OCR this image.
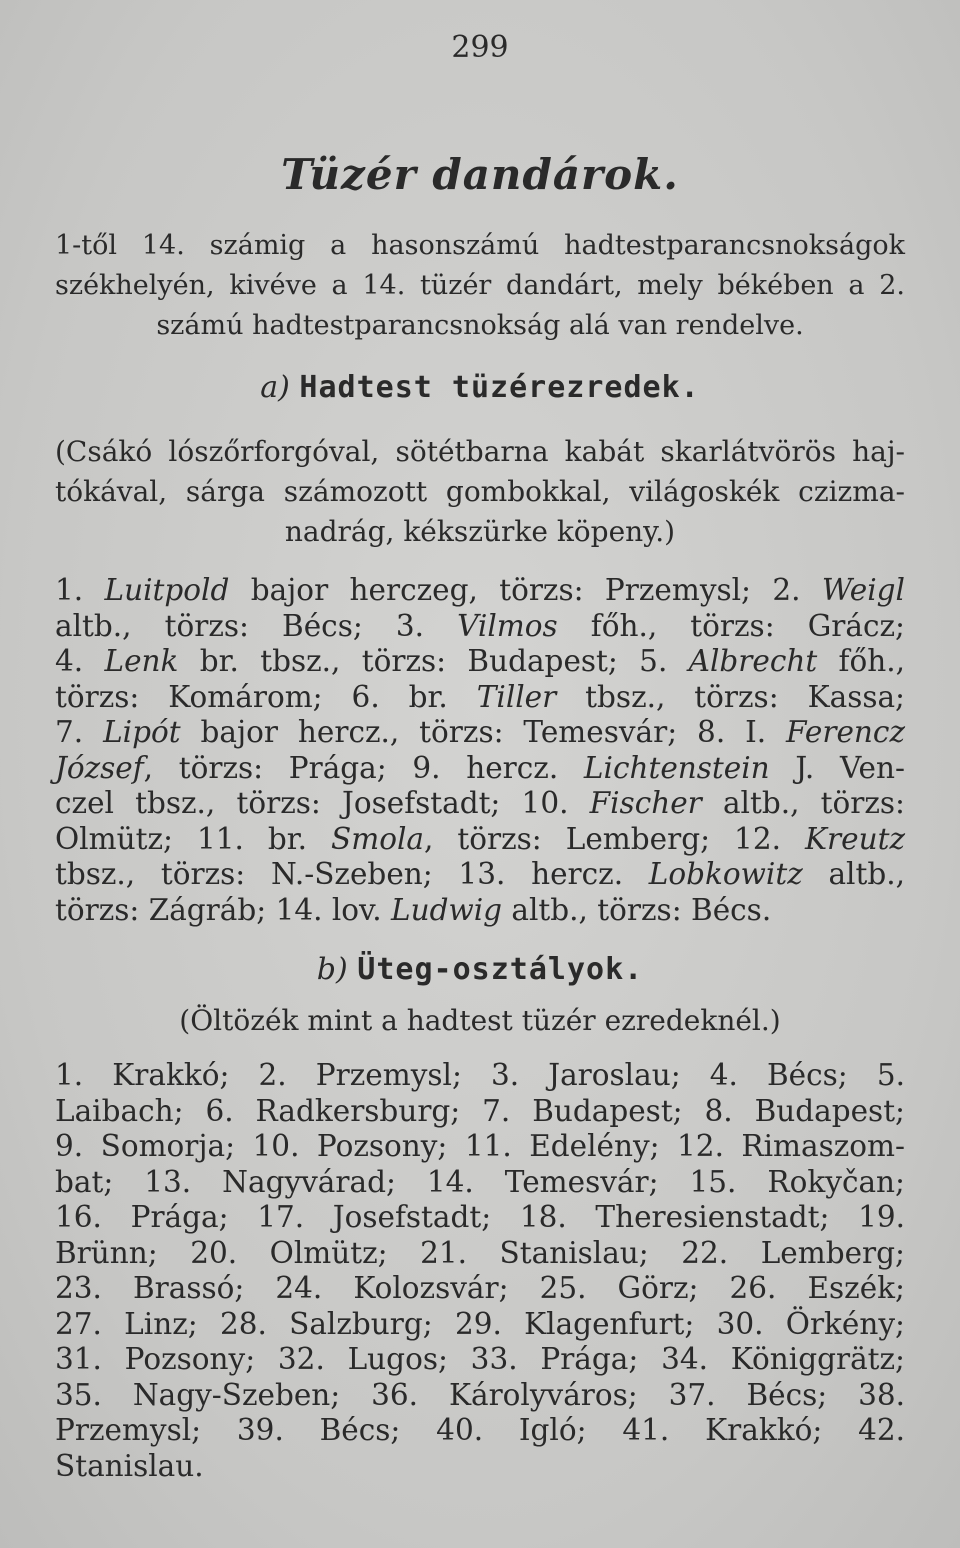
299
Tüzér dandárok.
1-től 14. számig a hasonszámú hadtestparancsnokságok
székhelyén, kivéve a 14. tüzér dandárt, mely békében a 2.
számú hadtestparancsnokság alá van rendelve.
a) Hadtest tüzérezredek.
(Csákó lószőrforgóval, sötétbarna kabát skarlátvörös haj-
tókával, sárga számozott gombokkal, világoskék czizma-
nadrág, kékszürke köpeny.)
1. Luitpold bajor herczeg, törzs: Przemysl; 2. Weigl
altb., törzs: Bécs; 3. Vilmos főh., törzs: Grácz;
4. Lenk br. tbsz., törzs: Budapest; 5. Albrecht főh.,
törzs: Komárom; 6. br. Tiller tbsz., törzs: Kassa;
7. Lipót bajor hercz., törzs: Temesvár; 8. I. Ferencz
József, törzs: Prága; 9. hercz. Lichtenstein J. Ven-
czel tbsz., törzs: Josefstadt; 10. Fischer altb., törzs:
Olmütz; 11. br. Smola, törzs: Lemberg; 12. Kreutz
tbsz., törzs: N.-Szeben; 13. hercz. Lobkowitz altb.,
törzs: Zágráb; 14. lov. Ludwig altb., törzs: Bécs.
b) Üteg-osztályok.
(Öltözék mint a hadtest tüzér ezredeknél.)
1. Krakkó; 2. Przemysl; 3. Jaroslau; 4. Bécs; 5.
Laibach; 6. Radkersburg; 7. Budapest; 8. Budapest;
9. Somorja; 10. Pozsony; 11. Edelény; 12. Rimaszom-
bat; 13. Nagyvárad; 14. Temesvár; 15. Rokyčan;
16. Prága; 17. Josefstadt; 18. Theresienstadt; 19.
Brünn; 20. Olmütz; 21. Stanislau; 22. Lemberg;
23. Brassó; 24. Kolozsvár; 25. Görz; 26. Eszék;
27. Linz; 28. Salzburg; 29. Klagenfurt; 30. Örkény;
31. Pozsony; 32. Lugos; 33. Prága; 34. Königgrätz;
35. Nagy-Szeben; 36. Károlyváros; 37. Bécs; 38.
Przemysl; 39. Bécs; 40. Igló; 41. Krakkó; 42.
Stanislau.
